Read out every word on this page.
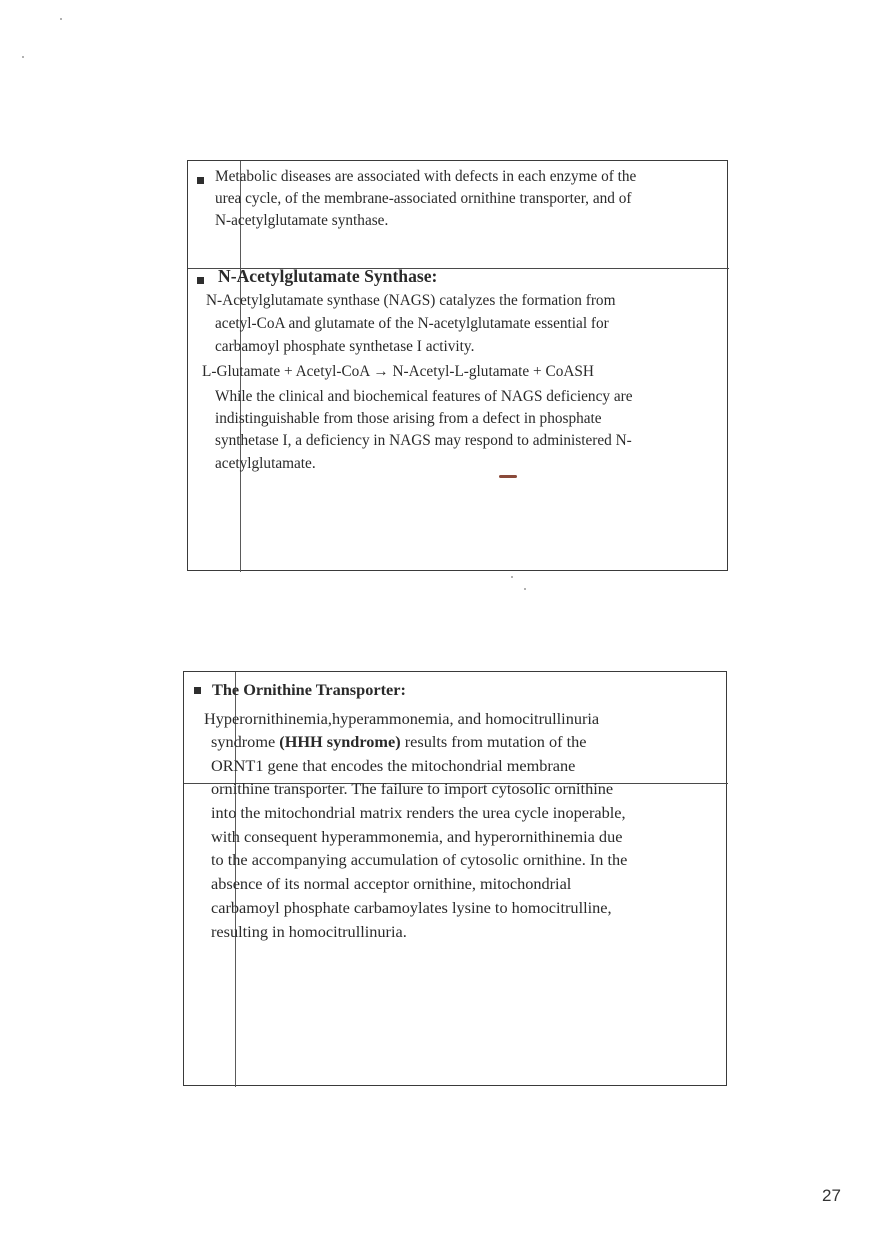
Metabolic diseases are associated with defects in each enzyme of the

urea cycle, of the membrane-associated ornithine transporter, and of

N-acetylglutamate synthase.

N-Acetylglutamate Synthase:

N-Acetylglutamate synthase (NAGS) catalyzes the formation from

acetyl-CoA and glutamate of the N-acetylglutamate essential for

carbamoyl phosphate synthetase I activity.

L-Glutamate + Acetyl-CoA → N-Acetyl-L-glutamate + CoASH

While the clinical and biochemical features of NAGS deficiency are

indistinguishable from those arising from a defect in phosphate

synthetase I, a deficiency in NAGS may respond to administered N-

acetylglutamate.

The Ornithine Transporter:

Hyperornithinemia,hyperammonemia, and homocitrullinuria

syndrome (HHH syndrome) results from mutation of the

ORNT1 gene that encodes the mitochondrial membrane

ornithine transporter. The failure to import cytosolic ornithine

into the mitochondrial matrix renders the urea cycle inoperable,

with consequent hyperammonemia, and hyperornithinemia due

to the accompanying accumulation of cytosolic ornithine. In the

absence of its normal acceptor ornithine, mitochondrial

carbamoyl phosphate carbamoylates lysine to homocitrulline,

resulting in homocitrullinuria.

27
